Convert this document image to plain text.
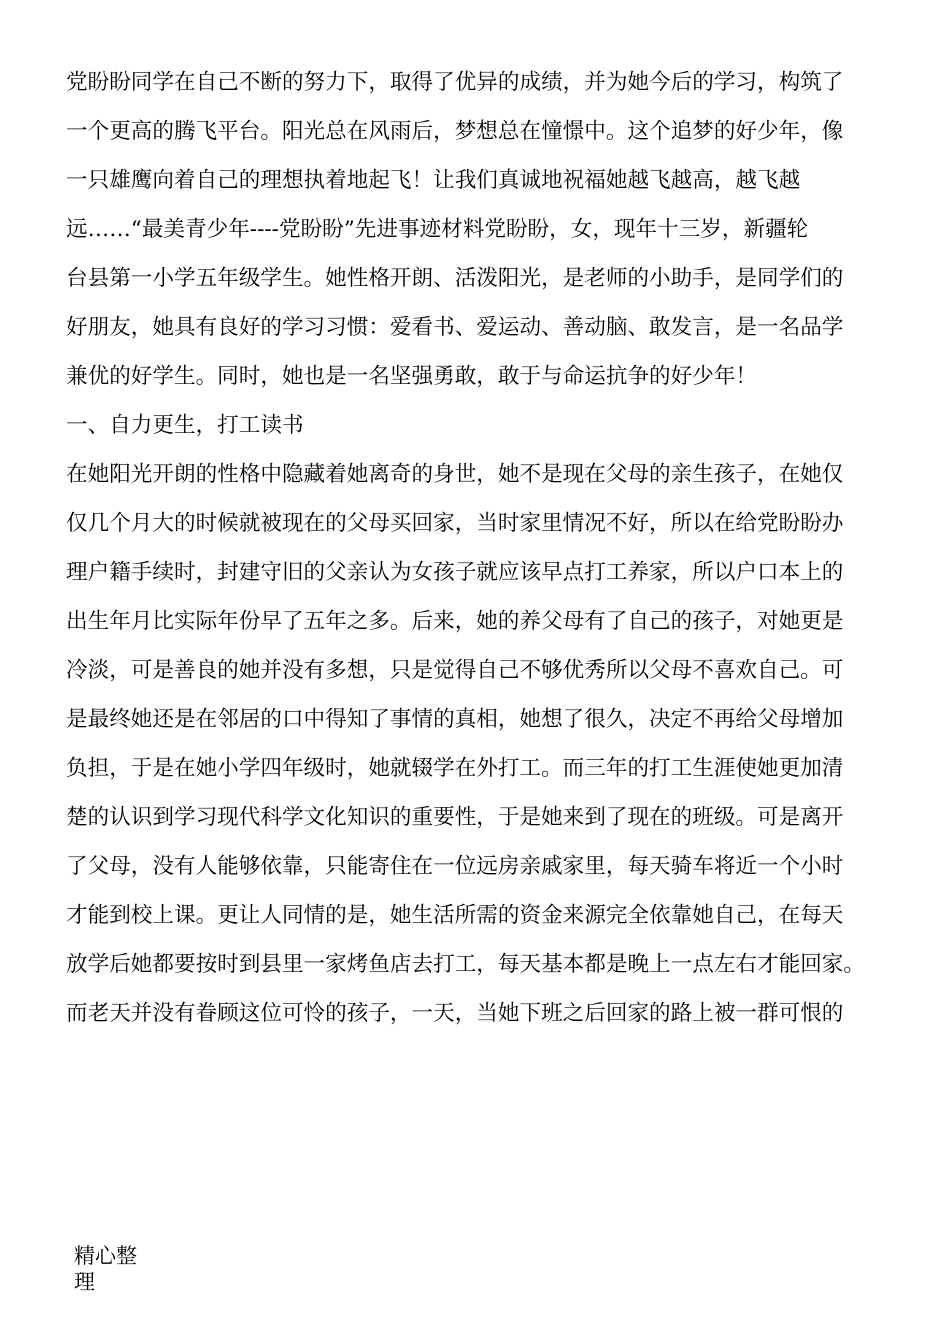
党盼盼同学在自己不断的努力下，取得了优异的成绩，并为她今后的学习，构筑了
一个更高的腾飞平台。阳光总在风雨后，梦想总在憧憬中。这个追梦的好少年，像
一只雄鹰向着自己的理想执着地起飞！让我们真诚地祝福她越飞越高，越飞越
远……“最美青少年----党盼盼”先进事迹材料党盼盼，女，现年十三岁，新疆轮
台县第一小学五年级学生。她性格开朗、活泼阳光，是老师的小助手，是同学们的
好朋友，她具有良好的学习习惯：爱看书、爱运动、善动脑、敢发言，是一名品学
兼优的好学生。同时，她也是一名坚强勇敢，敢于与命运抗争的好少年！
一、自力更生，打工读书
在她阳光开朗的性格中隐藏着她离奇的身世，她不是现在父母的亲生孩子，在她仅
仅几个月大的时候就被现在的父母买回家，当时家里情况不好，所以在给党盼盼办
理户籍手续时，封建守旧的父亲认为女孩子就应该早点打工养家，所以户口本上的
出生年月比实际年份早了五年之多。后来，她的养父母有了自己的孩子，对她更是
冷淡，可是善良的她并没有多想，只是觉得自己不够优秀所以父母不喜欢自己。可
是最终她还是在邻居的口中得知了事情的真相，她想了很久，决定不再给父母增加
负担，于是在她小学四年级时，她就辍学在外打工。而三年的打工生涯使她更加清
楚的认识到学习现代科学文化知识的重要性，于是她来到了现在的班级。可是离开
了父母，没有人能够依靠，只能寄住在一位远房亲戚家里，每天骑车将近一个小时
才能到校上课。更让人同情的是，她生活所需的资金来源完全依靠她自己，在每天
放学后她都要按时到县里一家烤鱼店去打工，每天基本都是晚上一点左右才能回家。
而老天并没有眷顾这位可怜的孩子，一天，当她下班之后回家的路上被一群可恨的
精心整
理
